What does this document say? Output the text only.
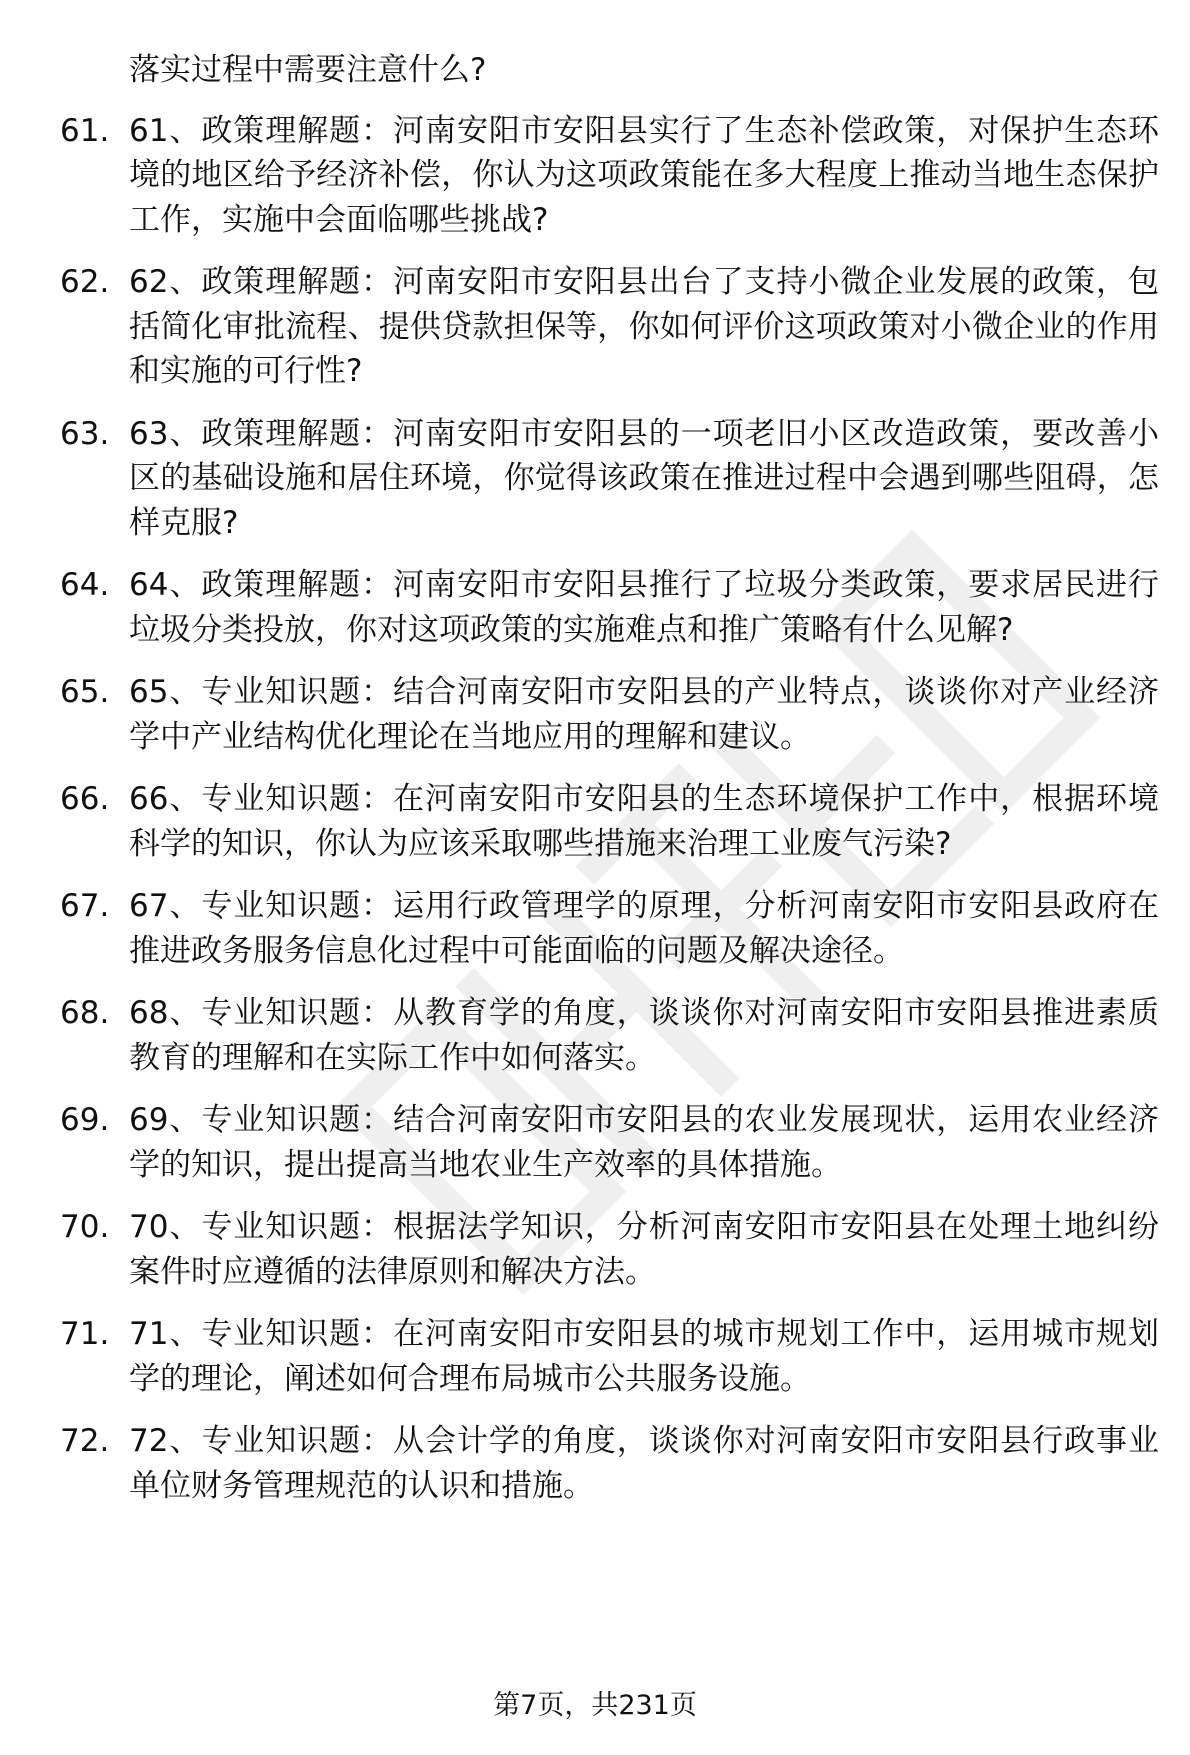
落实过程中需要注意什么?
61. 61、政策理解题：河南安阳市安阳县实行了生态补偿政策，对保护生态环境的地区给予经济补偿，你认为这项政策能在多大程度上推动当地生态保护工作，实施中会面临哪些挑战?
62. 62、政策理解题：河南安阳市安阳县出台了支持小微企业发展的政策，包括简化审批流程、提供贷款担保等，你如何评价这项政策对小微企业的作用和实施的可行性?
63. 63、政策理解题：河南安阳市安阳县的一项老旧小区改造政策，要改善小区的基础设施和居住环境，你觉得该政策在推进过程中会遇到哪些阻碍，怎样克服?
64. 64、政策理解题：河南安阳市安阳县推行了垃圾分类政策，要求居民进行垃圾分类投放，你对这项政策的实施难点和推广策略有什么见解?
65. 65、专业知识题：结合河南安阳市安阳县的产业特点，谈谈你对产业经济学中产业结构优化理论在当地应用的理解和建议。
66. 66、专业知识题：在河南安阳市安阳县的生态环境保护工作中，根据环境科学的知识，你认为应该采取哪些措施来治理工业废气污染?
67. 67、专业知识题：运用行政管理学的原理，分析河南安阳市安阳县政府在推进政务服务信息化过程中可能面临的问题及解决途径。
68. 68、专业知识题：从教育学的角度，谈谈你对河南安阳市安阳县推进素质教育的理解和在实际工作中如何落实。
69. 69、专业知识题：结合河南安阳市安阳县的农业发展现状，运用农业经济学的知识，提出提高当地农业生产效率的具体措施。
70. 70、专业知识题：根据法学知识，分析河南安阳市安阳县在处理土地纠纷案件时应遵循的法律原则和解决方法。
71. 71、专业知识题：在河南安阳市安阳县的城市规划工作中，运用城市规划学的理论，阐述如何合理布局城市公共服务设施。
72. 72、专业知识题：从会计学的角度，谈谈你对河南安阳市安阳县行政事业单位财务管理规范的认识和措施。
第7页，共231页
